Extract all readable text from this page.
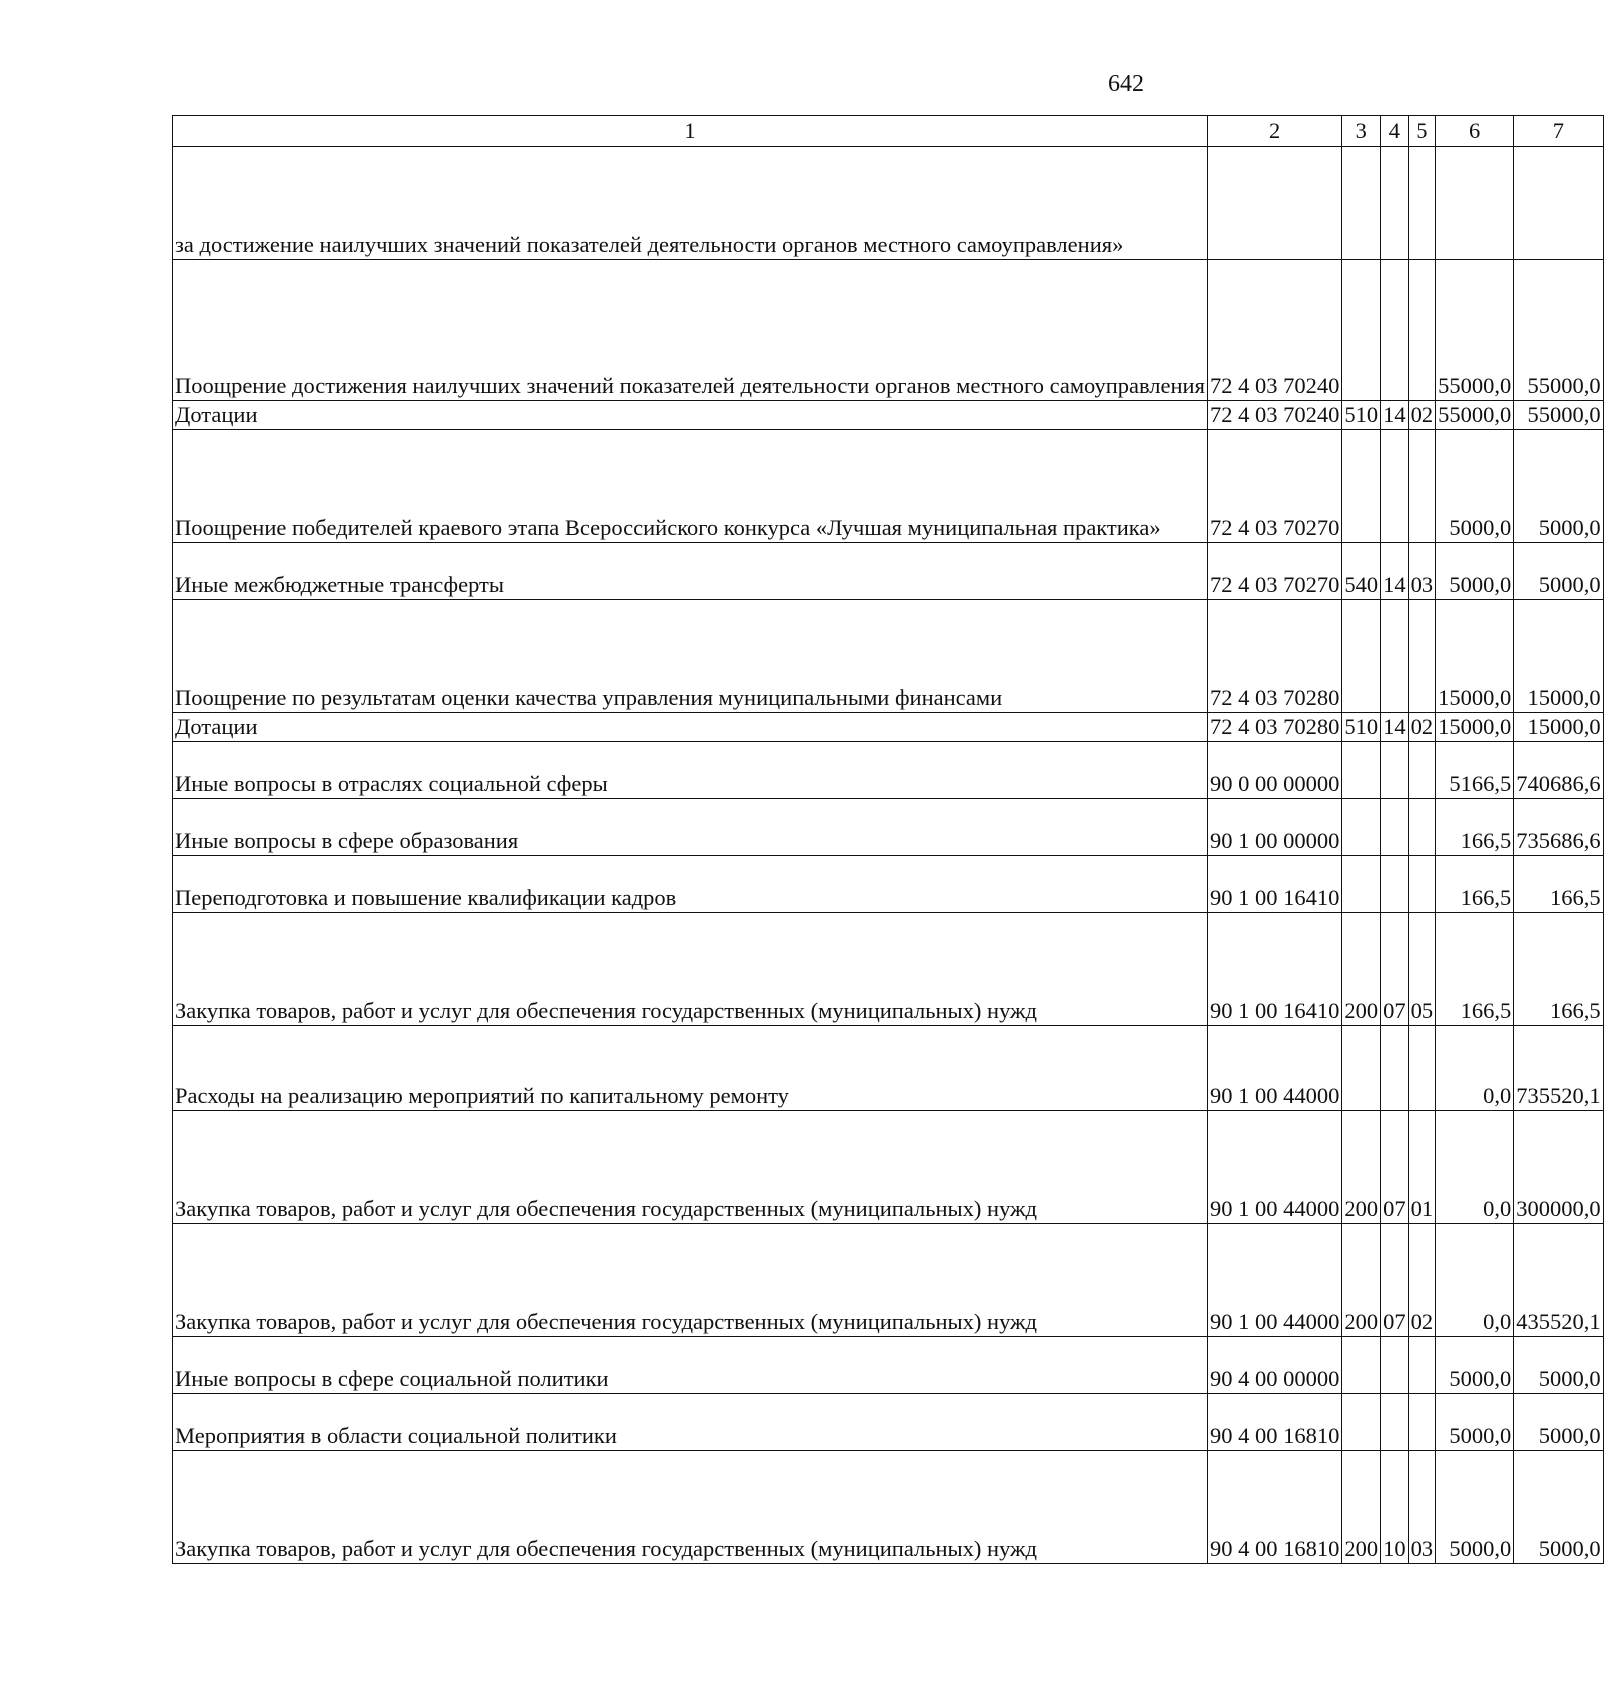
642
1	2	3	4	5	6	7
за достижение наилучших значений показателей деятельности органов местного самоуправления»						
Поощрение достижения наилучших значений показателей деятельности органов местного самоуправления	72 4 03 70240				55000,0	55000,0
Дотации	72 4 03 70240	510	14	02	55000,0	55000,0
Поощрение победителей краевого этапа Всероссийского конкурса «Лучшая муниципальная практика»	72 4 03 70270				5000,0	5000,0
Иные межбюджетные трансферты	72 4 03 70270	540	14	03	5000,0	5000,0
Поощрение по результатам оценки качества управления муниципальными финансами	72 4 03 70280				15000,0	15000,0
Дотации	72 4 03 70280	510	14	02	15000,0	15000,0
Иные вопросы в отраслях социальной сферы	90 0 00 00000				5166,5	740686,6
Иные вопросы в сфере образования	90 1 00 00000				166,5	735686,6
Переподготовка и повышение квалификации кадров	90 1 00 16410				166,5	166,5
Закупка товаров, работ и услуг для обеспечения государственных (муниципальных) нужд	90 1 00 16410	200	07	05	166,5	166,5
Расходы на реализацию мероприятий по капитальному ремонту	90 1 00 44000				0,0	735520,1
Закупка товаров, работ и услуг для обеспечения государственных (муниципальных) нужд	90 1 00 44000	200	07	01	0,0	300000,0
Закупка товаров, работ и услуг для обеспечения государственных (муниципальных) нужд	90 1 00 44000	200	07	02	0,0	435520,1
Иные вопросы в сфере социальной политики	90 4 00 00000				5000,0	5000,0
Мероприятия в области социальной политики	90 4 00 16810				5000,0	5000,0
Закупка товаров, работ и услуг для обеспечения государственных (муниципальных) нужд	90 4 00 16810	200	10	03	5000,0	5000,0
